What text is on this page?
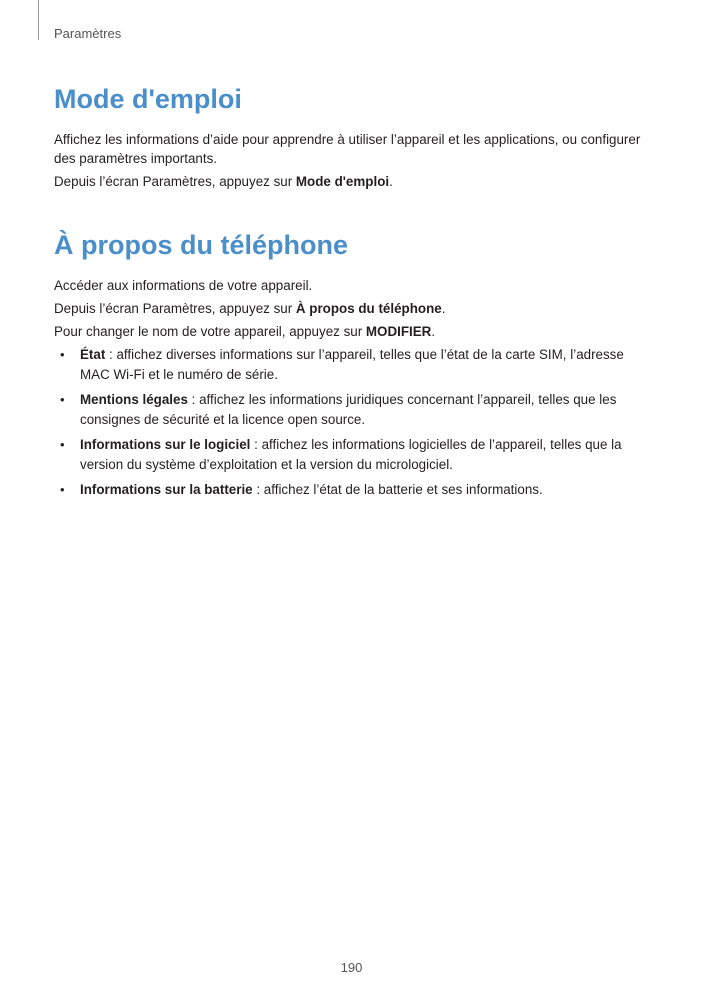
Paramètres
Mode d'emploi

Affichez les informations d’aide pour apprendre à utiliser l’appareil et les applications, ou configurer des paramètres importants.

Depuis l’écran Paramètres, appuyez sur Mode d'emploi.

À propos du téléphone

Accéder aux informations de votre appareil.

Depuis l’écran Paramètres, appuyez sur À propos du téléphone.

Pour changer le nom de votre appareil, appuyez sur MODIFIER.

• État : affichez diverses informations sur l’appareil, telles que l’état de la carte SIM, l’adresse MAC Wi-Fi et le numéro de série.
• Mentions légales : affichez les informations juridiques concernant l’appareil, telles que les consignes de sécurité et la licence open source.
• Informations sur le logiciel : affichez les informations logicielles de l’appareil, telles que la version du système d’exploitation et la version du micrologiciel.
• Informations sur la batterie : affichez l’état de la batterie et ses informations.
190
